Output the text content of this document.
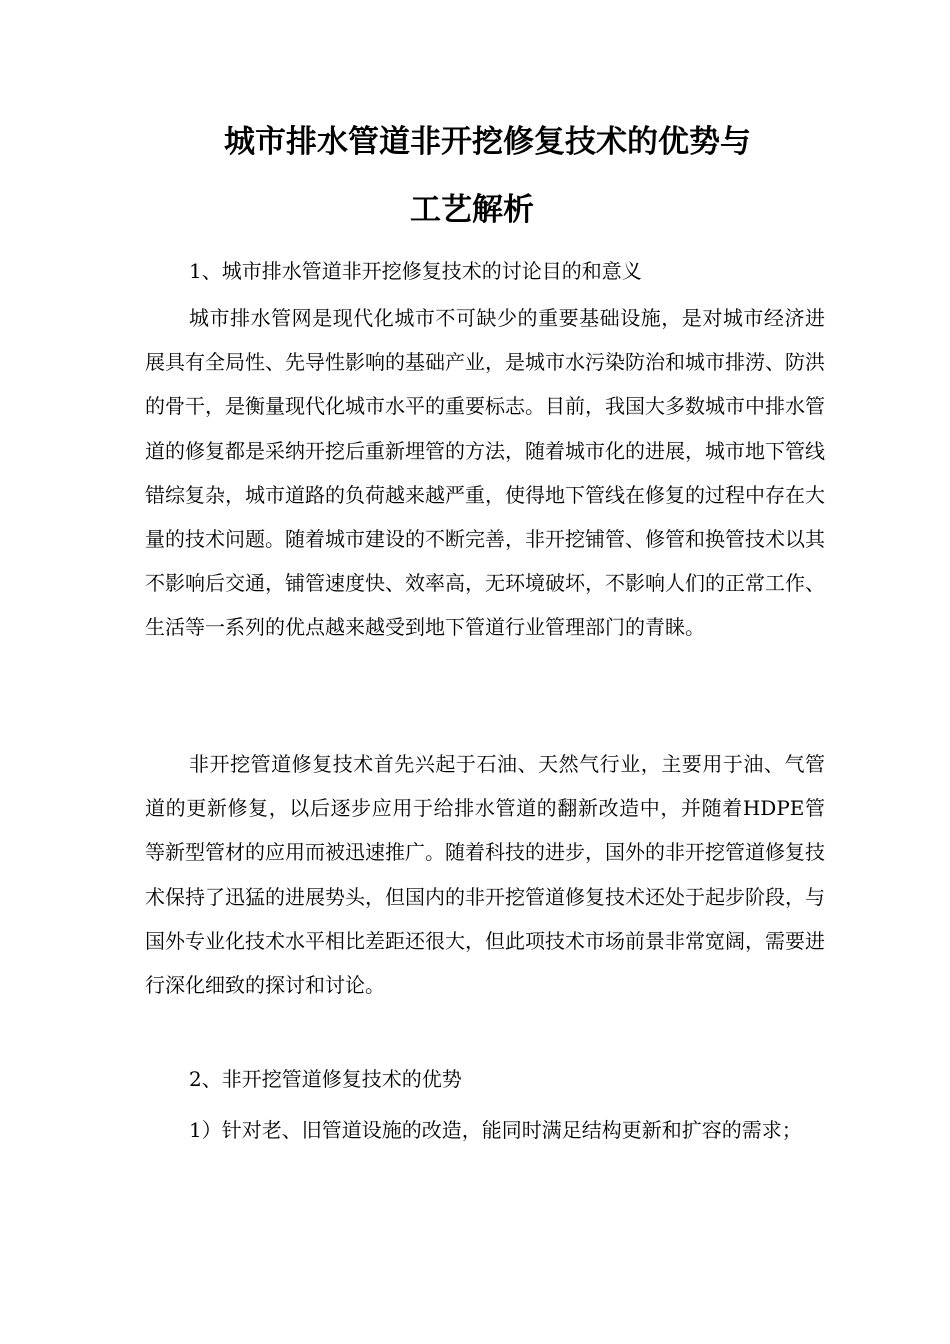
城市排水管道非开挖修复技术的优势与
工艺解析

1、城市排水管道非开挖修复技术的讨论目的和意义

城市排水管网是现代化城市不可缺少的重要基础设施，是对城市经济进展具有全局性、先导性影响的基础产业，是城市水污染防治和城市排涝、防洪的骨干，是衡量现代化城市水平的重要标志。目前，我国大多数城市中排水管道的修复都是采纳开挖后重新埋管的方法，随着城市化的进展，城市地下管线错综复杂，城市道路的负荷越来越严重，使得地下管线在修复的过程中存在大量的技术问题。随着城市建设的不断完善，非开挖铺管、修管和换管技术以其不影响后交通，铺管速度快、效率高，无环境破坏，不影响人们的正常工作、生活等一系列的优点越来越受到地下管道行业管理部门的青睐。

非开挖管道修复技术首先兴起于石油、天然气行业，主要用于油、气管道的更新修复，以后逐步应用于给排水管道的翻新改造中，并随着HDPE管等新型管材的应用而被迅速推广。随着科技的进步，国外的非开挖管道修复技术保持了迅猛的进展势头，但国内的非开挖管道修复技术还处于起步阶段，与国外专业化技术水平相比差距还很大，但此项技术市场前景非常宽阔，需要进行深化细致的探讨和讨论。

2、非开挖管道修复技术的优势

1）针对老、旧管道设施的改造，能同时满足结构更新和扩容的需求；
